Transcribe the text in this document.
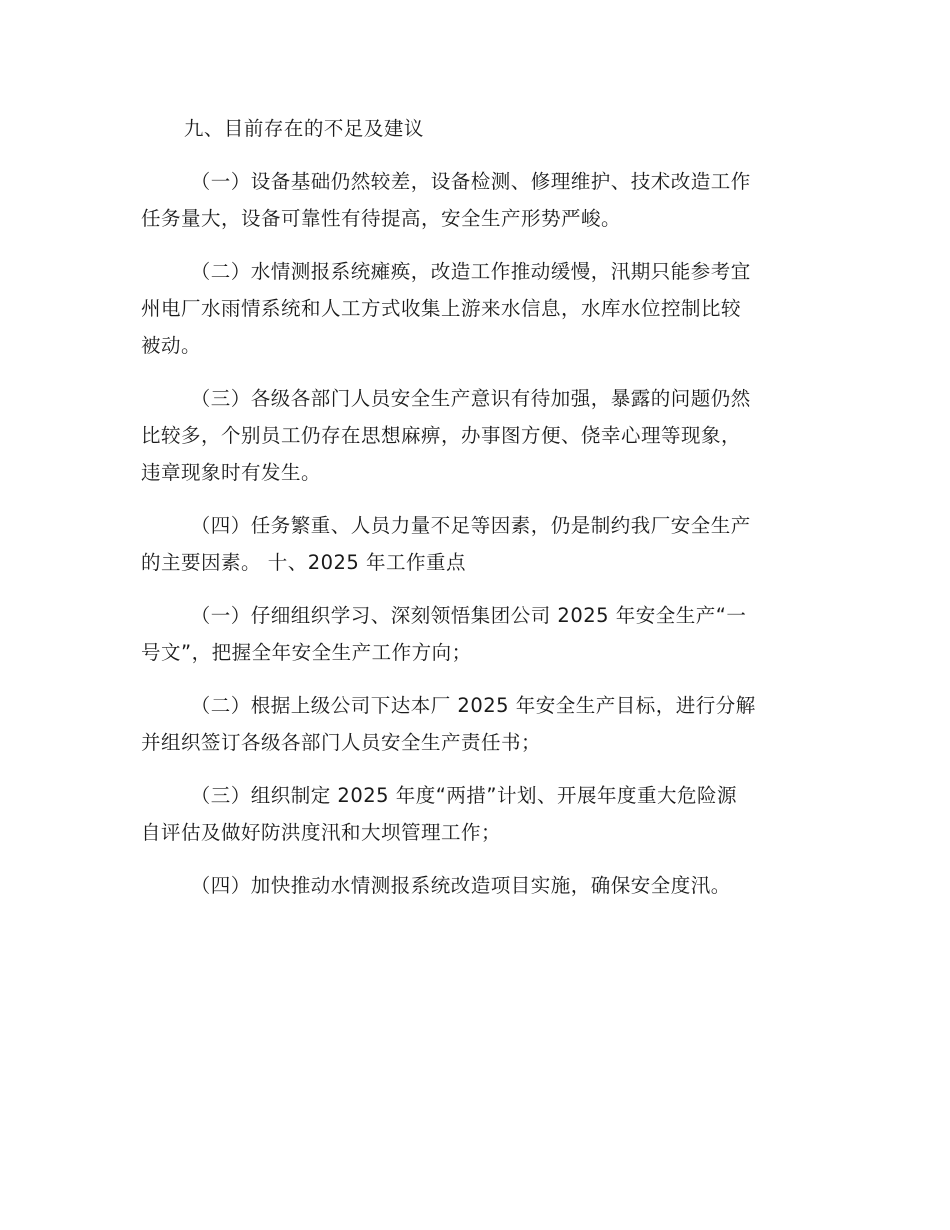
九、目前存在的不足及建议

（一）设备基础仍然较差，设备检测、修理维护、技术改造工作
任务量大，设备可靠性有待提高，安全生产形势严峻。

（二）水情测报系统瘫痪，改造工作推动缓慢，汛期只能参考宜
州电厂水雨情系统和人工方式收集上游来水信息，水库水位控制比较
被动。

（三）各级各部门人员安全生产意识有待加强，暴露的问题仍然
比较多，个别员工仍存在思想麻痹，办事图方便、侥幸心理等现象，
违章现象时有发生。

（四）任务繁重、人员力量不足等因素，仍是制约我厂安全生产
的主要因素。 十、2025 年工作重点

（一）仔细组织学习、深刻领悟集团公司 2025 年安全生产“一
号文”，把握全年安全生产工作方向；

（二）根据上级公司下达本厂 2025 年安全生产目标，进行分解
并组织签订各级各部门人员安全生产责任书；

（三）组织制定 2025 年度“两措”计划、开展年度重大危险源
自评估及做好防洪度汛和大坝管理工作；

（四）加快推动水情测报系统改造项目实施，确保安全度汛。
